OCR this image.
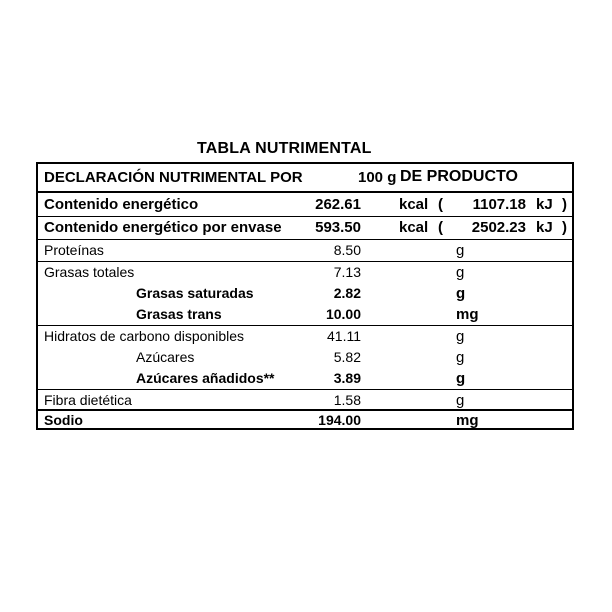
TABLA NUTRIMENTAL
DECLARACIÓN NUTRIMENTAL POR	100 g DE PRODUCTO
Contenido energético	262.61	kcal (	1107.18 kJ )
Contenido energético por envase	593.50	kcal (	2502.23 kJ )
Proteínas	8.50	g
Grasas totales	7.13	g
Grasas saturadas	2.82	g
Grasas trans	10.00	mg
Hidratos de carbono disponibles	41.11	g
Azúcares	5.82	g
Azúcares añadidos**	3.89	g
Fibra dietética	1.58	g
Sodio	194.00	mg
